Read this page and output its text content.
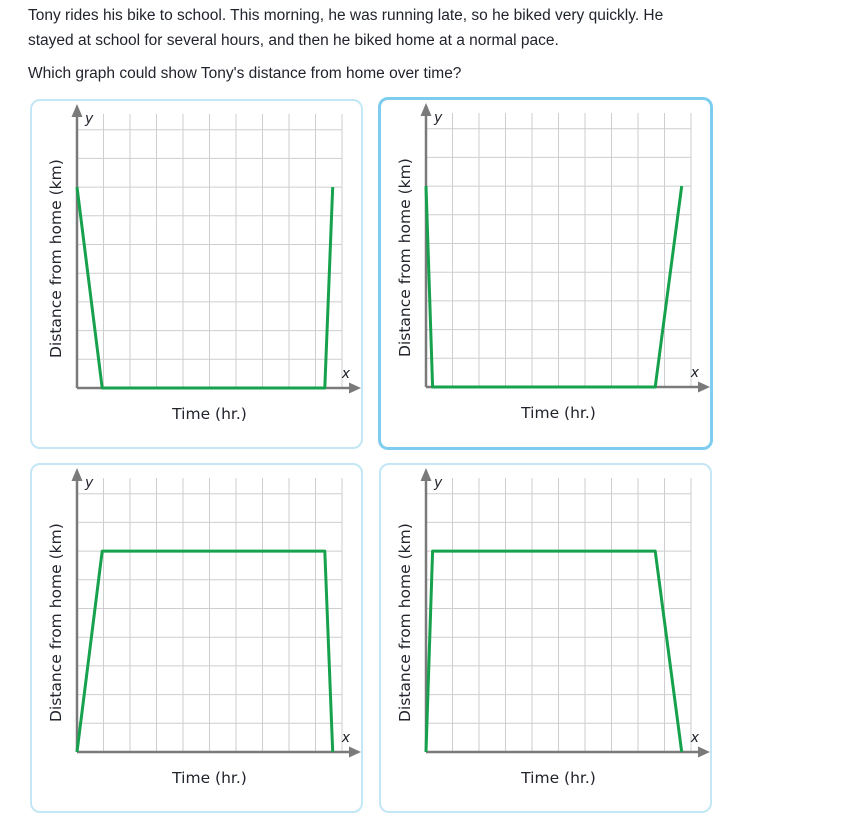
Tony rides his bike to school. This morning, he was running late, so he biked very quickly. He
stayed at school for several hours, and then he biked home at a normal pace.
Which graph could show Tony's distance from home over time?
Distance from home (km)
y
x
Time (hr.)
Distance from home (km)
y
x
Time (hr.)
Distance from home (km)
y
x
Time (hr.)
Distance from home (km)
y
x
Time (hr.)
